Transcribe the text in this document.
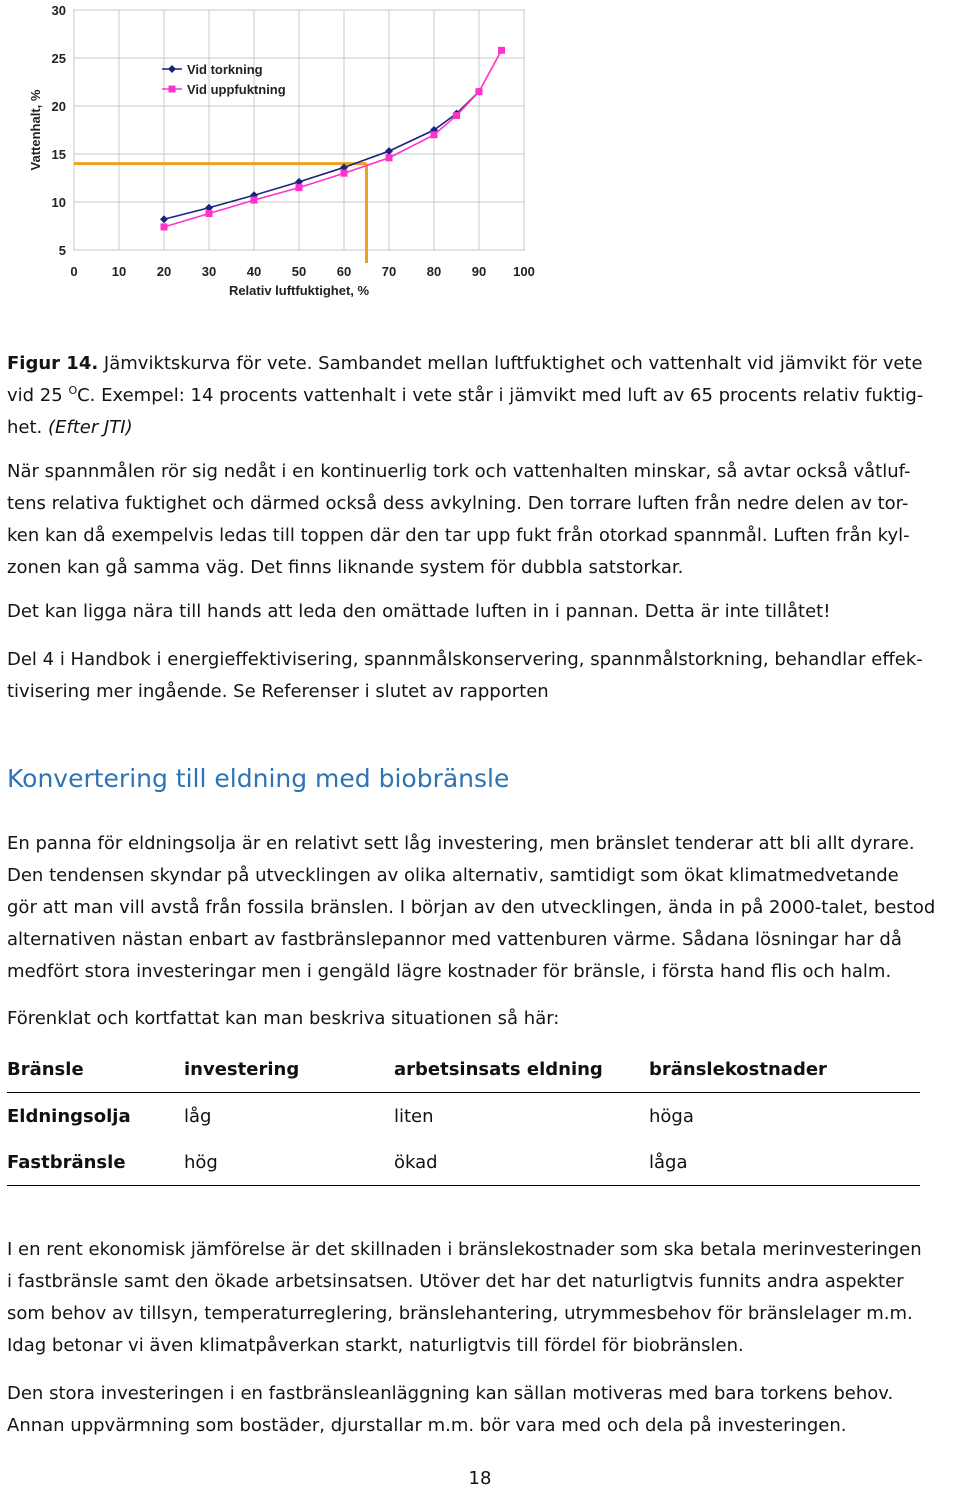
0	10 20 30 40 50 60 70 80 90 100
5
10
15
20
25
30
Relativ luftfuktighet, %
Vattenhalt, %
Vid torkning
Vid uppfuktning

Figur 14. Jämviktskurva för vete. Sambandet mellan luftfuktighet och vattenhalt vid jämvikt för vete

vid 25 $^O$C. Exempel: 14 procents vattenhalt i vete står i jämvikt med luft av 65 procents relativ fuktig-

het. (Efter JTI)

När spannmålen rör sig nedåt i en kontinuerlig tork och vattenhalten minskar, så avtar också våtluf-

tens relativa fuktighet och därmed också dess avkylning. Den torrare luften från nedre delen av tor-

ken kan då exempelvis ledas till toppen där den tar upp fukt från otorkad spannmål. Luften från kyl-

zonen kan gå samma väg. Det finns liknande system för dubbla satstorkar.

Det kan ligga nära till hands att leda den omättade luften in i pannan. Detta är inte tillåtet!

Del 4 i Handbok i energieffektivisering, spannmålskonservering, spannmålstorkning, behandlar effek-

tivisering mer ingående. Se Referenser i slutet av rapporten

Konvertering till eldning med biobränsle

En panna för eldningsolja är en relativt sett låg investering, men bränslet tenderar att bli allt dyrare.

Den tendensen skyndar på utvecklingen av olika alternativ, samtidigt som ökat klimatmedvetande

gör att man vill avstå från fossila bränslen. I början av den utvecklingen, ända in på 2000-talet, bestod

alternativen nästan enbart av fastbränslepannor med vattenburen värme. Sådana lösningar har då

medfört stora investeringar men i gengäld lägre kostnader för bränsle, i första hand flis och halm.

Förenklat och kortfattat kan man beskriva situationen så här:

Bränsle	investering	arbetsinsats eldning	bränslekostnader
Eldningsolja	låg	liten	höga
Fastbränsle	hög	ökad	låga

I en rent ekonomisk jämförelse är det skillnaden i bränslekostnader som ska betala merinvesteringen

i fastbränsle samt den ökade arbetsinsatsen. Utöver det har det naturligtvis funnits andra aspekter

som behov av tillsyn, temperaturreglering, bränslehantering, utrymmesbehov för bränslelager m.m.

Idag betonar vi även klimatpåverkan starkt, naturligtvis till fördel för biobränslen.

Den stora investeringen i en fastbränsleanläggning kan sällan motiveras med bara torkens behov.

Annan uppvärmning som bostäder, djurstallar m.m. bör vara med och dela på investeringen.

18
